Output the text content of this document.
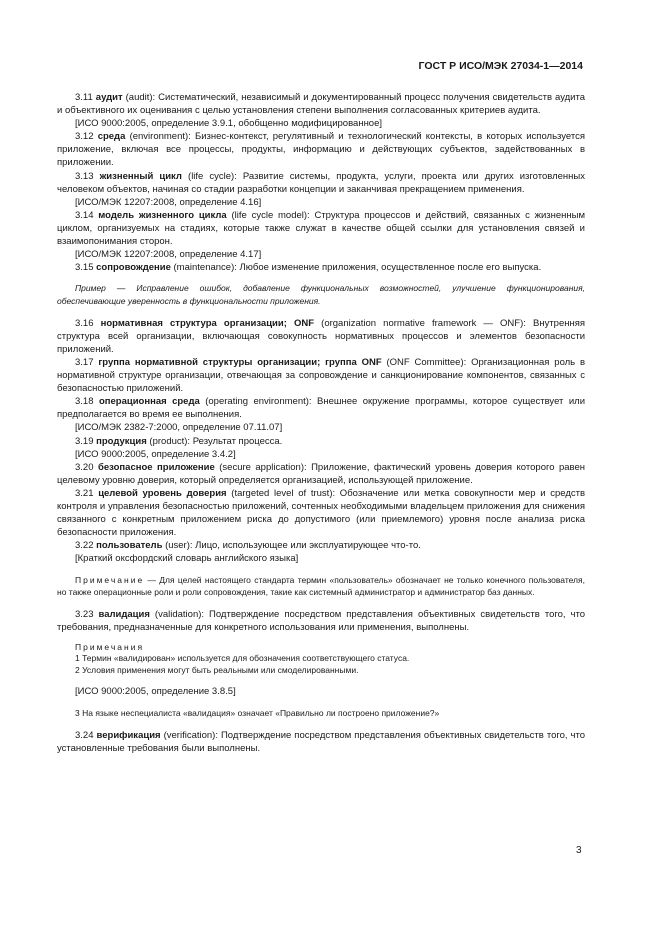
ГОСТ Р ИСО/МЭК 27034-1—2014

3.11 аудит (audit): Систематический, независимый и документированный процесс получения свидетельств аудита и объективного их оценивания с целью установления степени выполнения согласованных критериев аудита.

[ИСО 9000:2005, определение 3.9.1, обобщенно модифицированное]

3.12 среда (environment): Бизнес-контекст, регулятивный и технологический контексты, в которых используется приложение, включая все процессы, продукты, информацию и действующих субъектов, задействованных в приложении.

3.13 жизненный цикл (life cycle): Развитие системы, продукта, услуги, проекта или других изготовленных человеком объектов, начиная со стадии разработки концепции и заканчивая прекращением применения.

[ИСО/МЭК 12207:2008, определение 4.16]

3.14 модель жизненного цикла (life cycle model): Структура процессов и действий, связанных с жизненным циклом, организуемых на стадиях, которые также служат в качестве общей ссылки для установления связей и взаимопонимания сторон.

[ИСО/МЭК 12207:2008, определение 4.17]

3.15 сопровождение (maintenance): Любое изменение приложения, осуществленное после его выпуска.

Пример — Исправление ошибок, добавление функциональных возможностей, улучшение функционирования, обеспечивающие уверенность в функциональности приложения.

3.16 нормативная структура организации; ONF (organization normative framework — ONF): Внутренняя структура всей организации, включающая совокупность нормативных процессов и элементов безопасности приложений.

3.17 группа нормативной структуры организации; группа ONF (ONF Committee): Организационная роль в нормативной структуре организации, отвечающая за сопровождение и санкционирование компонентов, связанных с безопасностью приложений.

3.18 операционная среда (operating environment): Внешнее окружение программы, которое существует или предполагается во время ее выполнения.

[ИСО/МЭК 2382-7:2000, определение 07.11.07]

3.19 продукция (product): Результат процесса.

[ИСО 9000:2005, определение 3.4.2]

3.20 безопасное приложение (secure application): Приложение, фактический уровень доверия которого равен целевому уровню доверия, который определяется организацией, использующей приложение.

3.21 целевой уровень доверия (targeted level of trust): Обозначение или метка совокупности мер и средств контроля и управления безопасностью приложений, сочтенных необходимыми владельцем приложения для снижения связанного с конкретным приложением риска до допустимого (или приемлемого) уровня после анализа риска безопасности приложения.

3.22 пользователь (user): Лицо, использующее или эксплуатирующее что-то.

[Краткий оксфордский словарь английского языка]

Примечание — Для целей настоящего стандарта термин «пользователь» обозначает не только конечного пользователя, но также операционные роли и роли сопровождения, такие как системный администратор и администратор баз данных.

3.23 валидация (validation): Подтверждение посредством представления объективных свидетельств того, что требования, предназначенные для конкретного использования или применения, выполнены.

Примечания
1 Термин «валидирован» используется для обозначения соответствующего статуса.
2 Условия применения могут быть реальными или смоделированными.

[ИСО 9000:2005, определение 3.8.5]

3 На языке неспециалиста «валидация» означает «Правильно ли построено приложение?»

3.24 верификация (verification): Подтверждение посредством представления объективных свидетельств того, что установленные требования были выполнены.

3
